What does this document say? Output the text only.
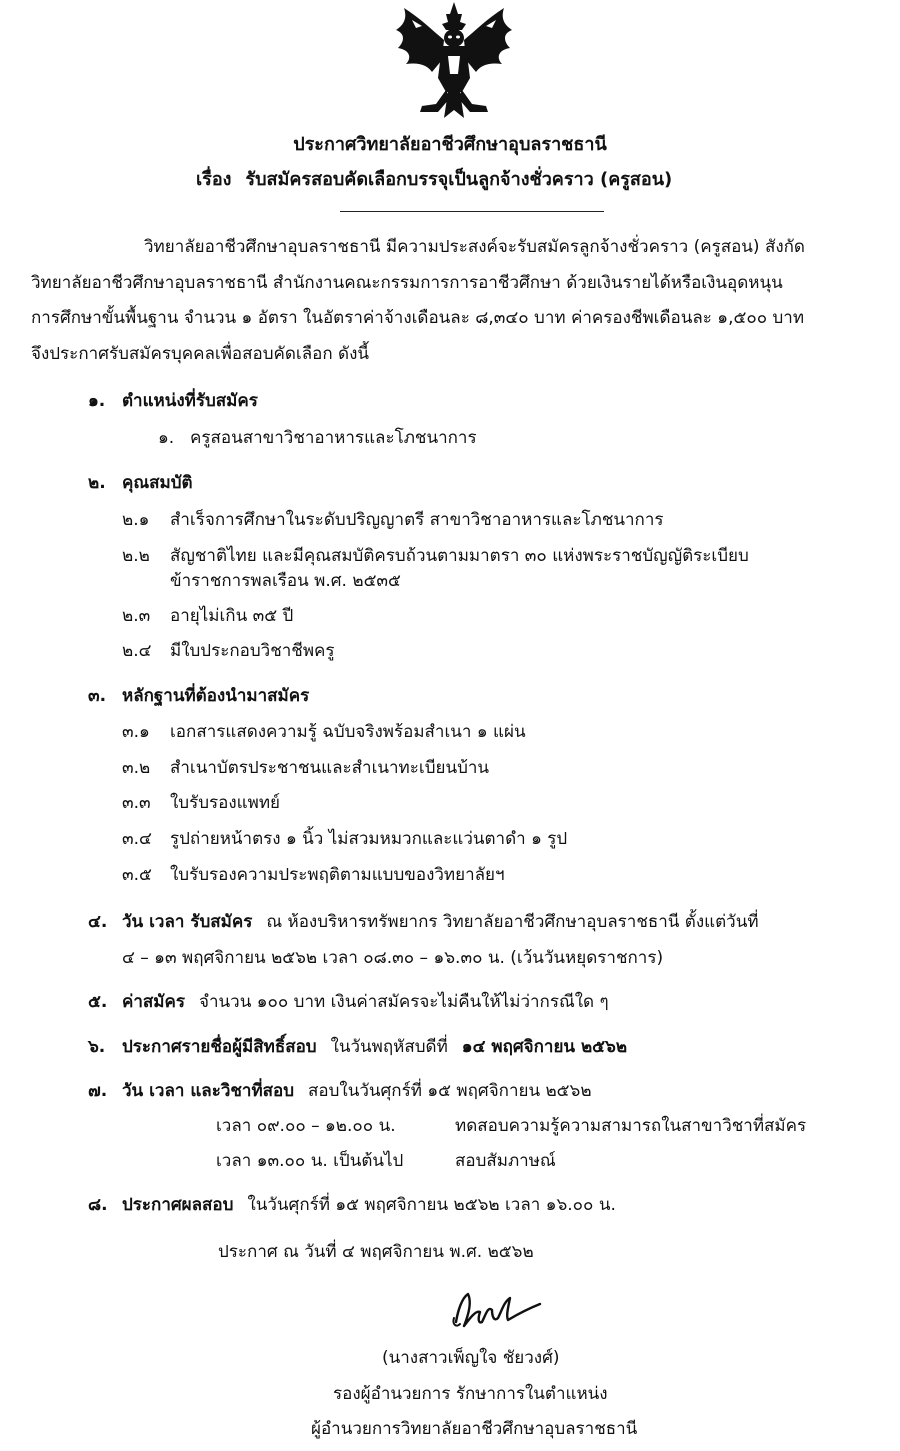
ประกาศวิทยาลัยอาชีวศึกษาอุบลราชธานี
เรื่อง รับสมัครสอบคัดเลือกบรรจุเป็นลูกจ้างชั่วคราว (ครูสอน)
วิทยาลัยอาชีวศึกษาอุบลราชธานี มีความประสงค์จะรับสมัครลูกจ้างชั่วคราว (ครูสอน) สังกัด
วิทยาลัยอาชีวศึกษาอุบลราชธานี สำนักงานคณะกรรมการการอาชีวศึกษา ด้วยเงินรายได้หรือเงินอุดหนุน
การศึกษาขั้นพื้นฐาน จำนวน ๑ อัตรา ในอัตราค่าจ้างเดือนละ ๘,๓๔๐ บาท ค่าครองชีพเดือนละ ๑,๕๐๐ บาท
จึงประกาศรับสมัครบุคคลเพื่อสอบคัดเลือก ดังนี้
๑. ตำแหน่งที่รับสมัคร
๑. ครูสอนสาขาวิชาอาหารและโภชนาการ
๒. คุณสมบัติ
๒.๑ สำเร็จการศึกษาในระดับปริญญาตรี สาขาวิชาอาหารและโภชนาการ
๒.๒ สัญชาติไทย และมีคุณสมบัติครบถ้วนตามมาตรา ๓๐ แห่งพระราชบัญญัติระเบียบ
ข้าราชการพลเรือน พ.ศ. ๒๕๓๕
๒.๓ อายุไม่เกิน ๓๕ ปี
๒.๔ มีใบประกอบวิชาชีพครู
๓. หลักฐานที่ต้องนำมาสมัคร
๓.๑ เอกสารแสดงความรู้ ฉบับจริงพร้อมสำเนา ๑ แผ่น
๓.๒ สำเนาบัตรประชาชนและสำเนาทะเบียนบ้าน
๓.๓ ใบรับรองแพทย์
๓.๔ รูปถ่ายหน้าตรง ๑ นิ้ว ไม่สวมหมวกและแว่นตาดำ ๑ รูป
๓.๕ ใบรับรองความประพฤติตามแบบของวิทยาลัยฯ
๔. วัน เวลา รับสมัคร ณ ห้องบริหารทรัพยากร วิทยาลัยอาชีวศึกษาอุบลราชธานี ตั้งแต่วันที่
๔ – ๑๓ พฤศจิกายน ๒๕๖๒ เวลา ๐๘.๓๐ – ๑๖.๓๐ น. (เว้นวันหยุดราชการ)
๕. ค่าสมัคร จำนวน ๑๐๐ บาท เงินค่าสมัครจะไม่คืนให้ไม่ว่ากรณีใด ๆ
๖. ประกาศรายชื่อผู้มีสิทธิ์สอบ ในวันพฤหัสบดีที่ ๑๔ พฤศจิกายน ๒๕๖๒
๗. วัน เวลา และวิชาที่สอบ สอบในวันศุกร์ที่ ๑๕ พฤศจิกายน ๒๕๖๒
เวลา ๐๙.๐๐ – ๑๒.๐๐ น.	ทดสอบความรู้ความสามารถในสาขาวิชาที่สมัคร
เวลา ๑๓.๐๐ น. เป็นต้นไป	สอบสัมภาษณ์
๘. ประกาศผลสอบ ในวันศุกร์ที่ ๑๕ พฤศจิกายน ๒๕๖๒ เวลา ๑๖.๐๐ น.
ประกาศ ณ วันที่ ๔ พฤศจิกายน พ.ศ. ๒๕๖๒
(นางสาวเพ็ญใจ ชัยวงศ์)
รองผู้อำนวยการ รักษาการในตำแหน่ง
ผู้อำนวยการวิทยาลัยอาชีวศึกษาอุบลราชธานี
